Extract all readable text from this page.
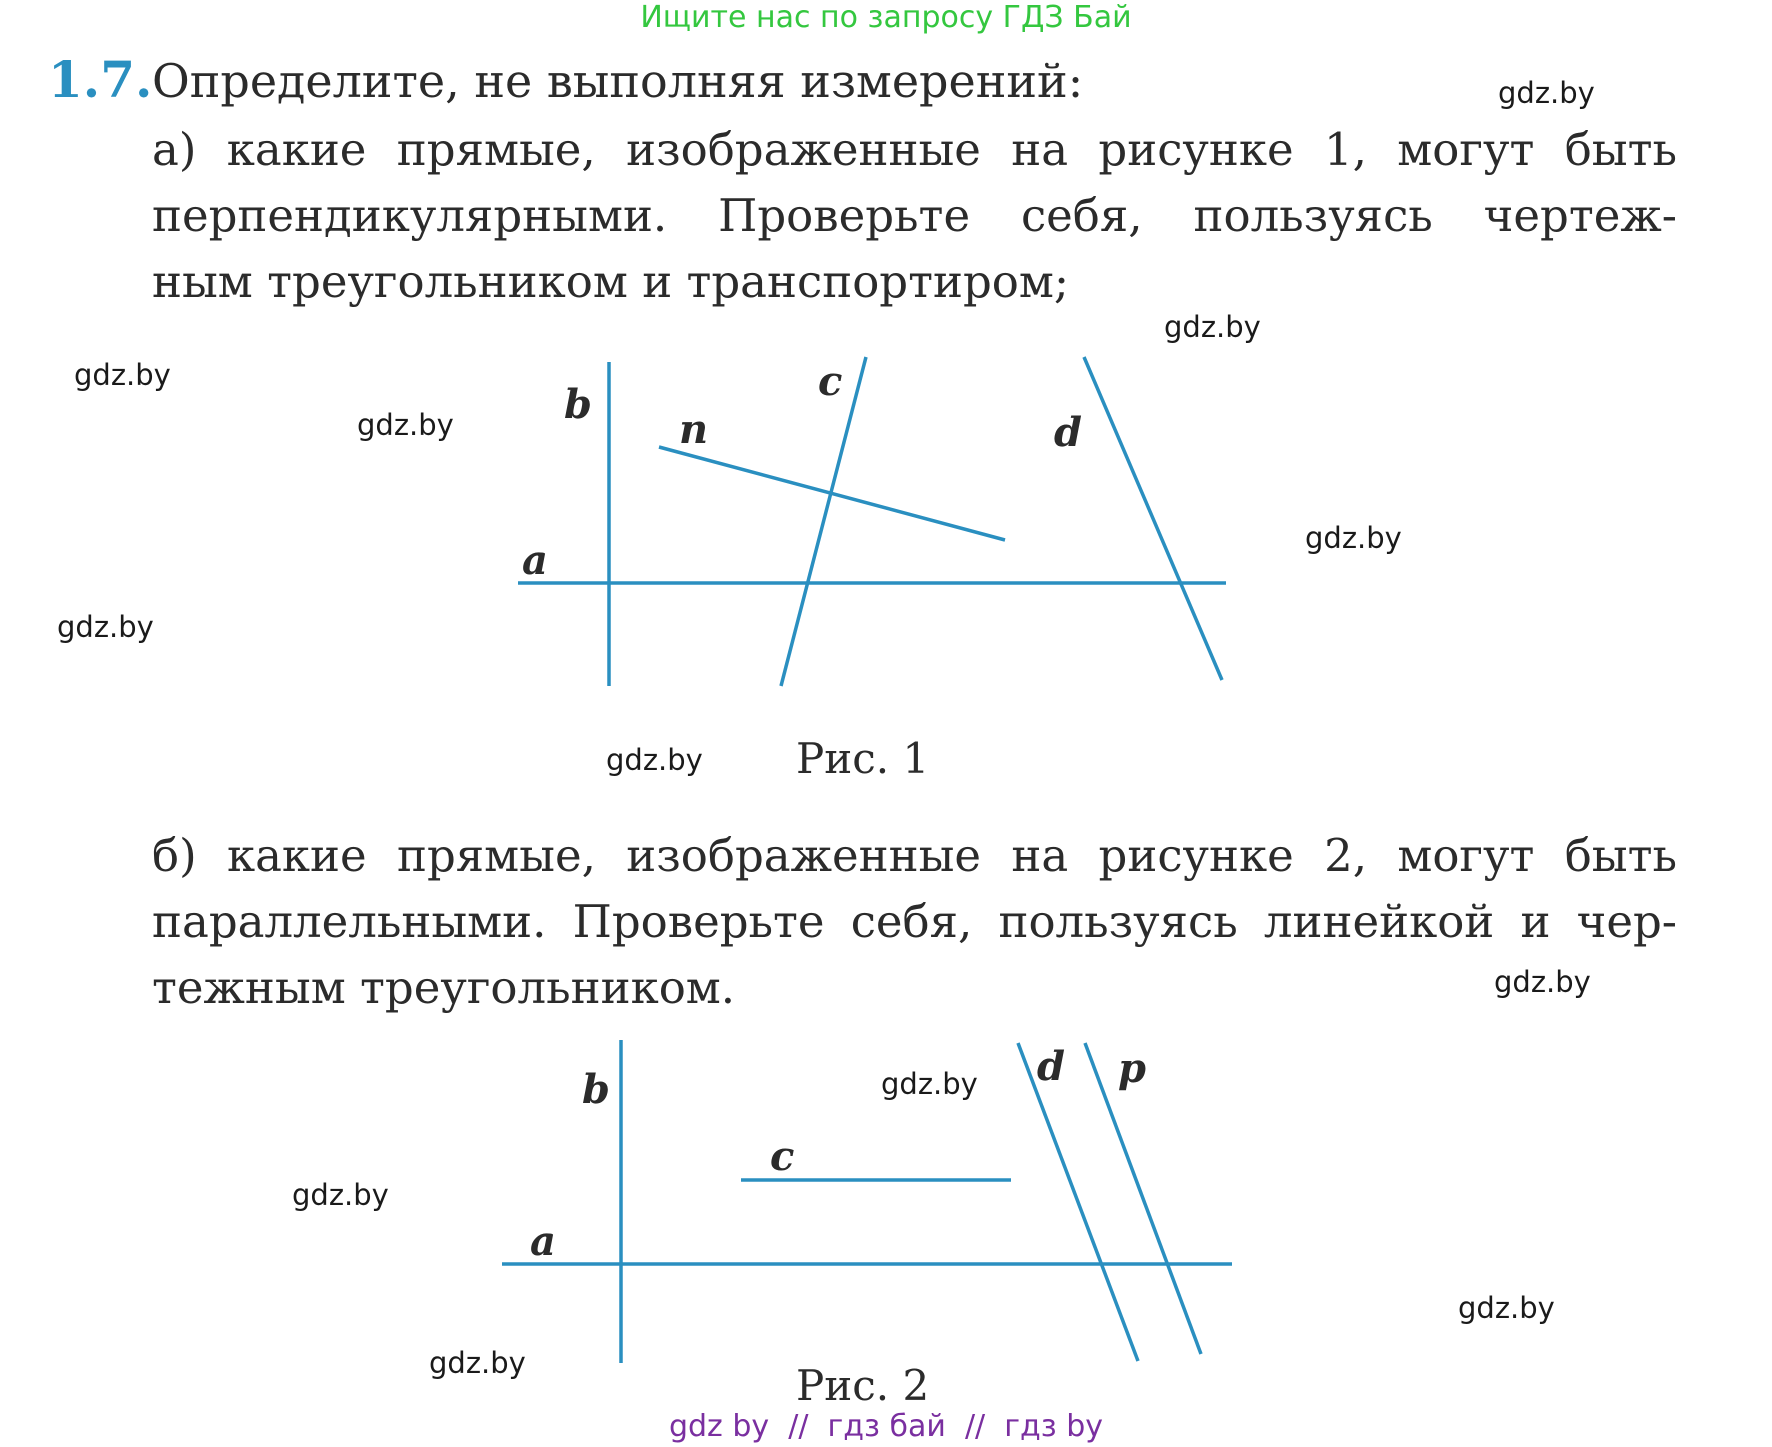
Ищите нас по запросу ГДЗ Бай
1.7. Определите, не выполняя измерений:
а) какие прямые, изображенные на рисунке 1, могут быть
перпендикулярными. Проверьте себя, пользуясь чертеж -
ным треугольником и транспортиром;
a
b	c
n	d
a
b
c
d p
Рис. 1
б) какие прямые, изображенные на рисунке 2, могут быть
параллельными. Проверьте себя, пользуясь линейкой и чер -
тежным треугольником.
Рис. 2
gdz.by
gdz.by
gdz.by
gdz.by
gdz.by
gdz.by
gdz.by
gdz.by
gdz.by
gdz.by
gdz.by
gdz.by
gdz by  //  гдз бай  //  гдз by
